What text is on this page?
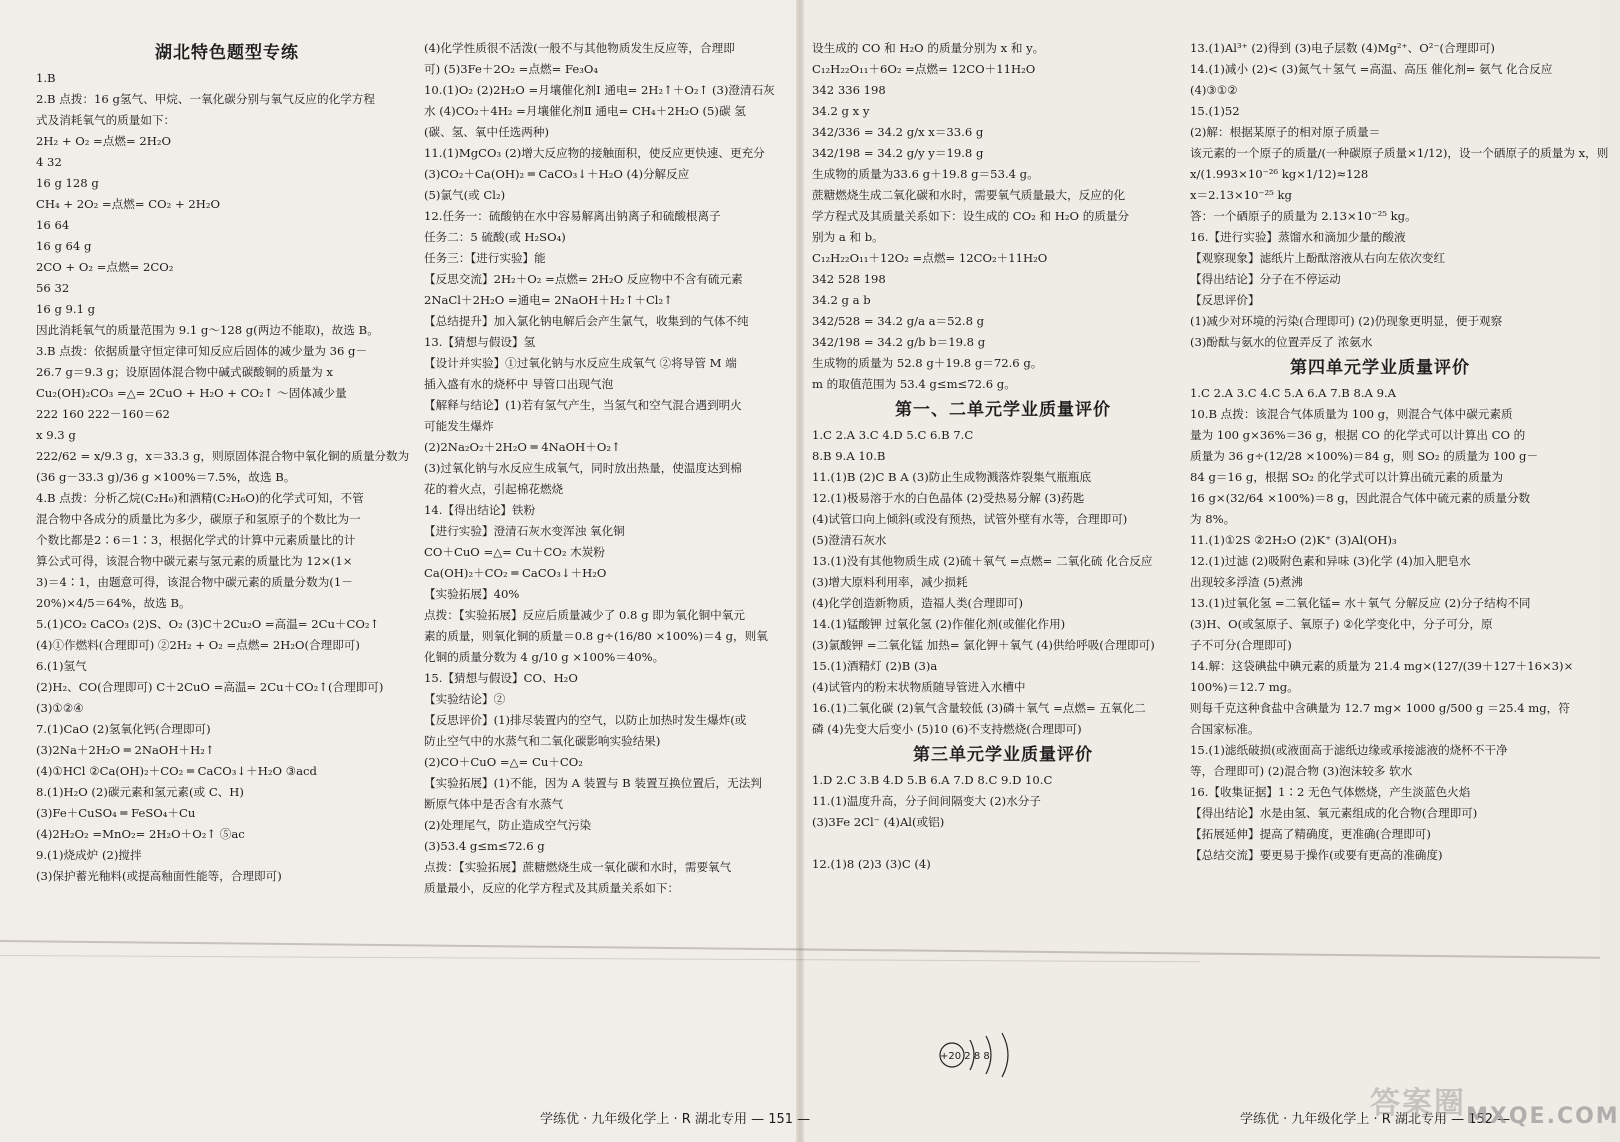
湖北特色题型专练
1.B
2.B 点拨：16 g氢气、甲烷、一氧化碳分别与氧气反应的化学方程
式及消耗氧气的质量如下：
2H₂ + O₂ =点燃= 2H₂O
4 32
16 g 128 g
CH₄ + 2O₂ =点燃= CO₂ + 2H₂O
16 64
16 g 64 g
2CO + O₂ =点燃= 2CO₂
56 32
16 g 9.1 g
因此消耗氧气的质量范围为 9.1 g～128 g(两边不能取)，故选 B。
3.B 点拨：依据质量守恒定律可知反应后固体的减少量为 36 g－
26.7 g＝9.3 g；设原固体混合物中碱式碳酸铜的质量为 x
Cu₂(OH)₂CO₃ =△= 2CuO + H₂O + CO₂↑ ～固体减少量
222 160 222－160＝62
x 9.3 g
222/62 = x/9.3 g，x＝33.3 g，则原固体混合物中氧化铜的质量分数为
(36 g－33.3 g)/36 g ×100%＝7.5%，故选 B。
4.B 点拨：分析乙烷(C₂H₆)和酒精(C₂H₆O)的化学式可知，不管
混合物中各成分的质量比为多少，碳原子和氢原子的个数比为一
个数比都是2∶6＝1∶3，根据化学式的计算中元素质量比的计
算公式可得，该混合物中碳元素与氢元素的质量比为 12×(1×
3)＝4∶1，由题意可得，该混合物中碳元素的质量分数为(1－
20%)×4/5＝64%，故选 B。
5.(1)CO₂ CaCO₃ (2)S、O₂ (3)C＋2Cu₂O =高温= 2Cu＋CO₂↑
(4)①作燃料(合理即可) ②2H₂ + O₂ =点燃= 2H₂O(合理即可)
6.(1)氢气
(2)H₂、CO(合理即可) C＋2CuO =高温= 2Cu＋CO₂↑(合理即可)
(3)①②④
7.(1)CaO (2)氢氧化钙(合理即可)
(3)2Na＋2H₂O ═ 2NaOH＋H₂↑
(4)①HCl ②Ca(OH)₂＋CO₂ ═ CaCO₃↓＋H₂O ③acd
8.(1)H₂O (2)碳元素和氢元素(或 C、H)
(3)Fe＋CuSO₄ ═ FeSO₄＋Cu
(4)2H₂O₂ =MnO₂= 2H₂O＋O₂↑ ⑤ac
9.(1)烧成炉 (2)搅拌
(3)保护蓄光釉料(或提高釉面性能等，合理即可)
(4)化学性质很不活泼(一般不与其他物质发生反应等，合理即
可) (5)3Fe＋2O₂ =点燃= Fe₃O₄
10.(1)O₂ (2)2H₂O =月壤催化剂Ⅰ 通电= 2H₂↑＋O₂↑ (3)澄清石灰
水 (4)CO₂＋4H₂ =月壤催化剂Ⅱ 通电= CH₄＋2H₂O (5)碳 氢
(碳、氢、氧中任选两种)
11.(1)MgCO₃ (2)增大反应物的接触面积，使反应更快速、更充分
(3)CO₂＋Ca(OH)₂ ═ CaCO₃↓＋H₂O (4)分解反应
(5)氯气(或 Cl₂)
12.任务一：硫酸钠在水中容易解离出钠离子和硫酸根离子
任务二：5 硫酸(或 H₂SO₄)
任务三：【进行实验】能
【反思交流】2H₂＋O₂ =点燃= 2H₂O 反应物中不含有硫元素
2NaCl＋2H₂O =通电= 2NaOH＋H₂↑＋Cl₂↑
【总结提升】加入氯化钠电解后会产生氯气，收集到的气体不纯
13.【猜想与假设】氢
【设计并实验】①过氧化钠与水反应生成氧气 ②将导管 M 端
插入盛有水的烧杯中 导管口出现气泡
【解释与结论】(1)若有氢气产生，当氢气和空气混合遇到明火
可能发生爆炸
(2)2Na₂O₂＋2H₂O ═ 4NaOH＋O₂↑
(3)过氧化钠与水反应生成氧气，同时放出热量，使温度达到棉
花的着火点，引起棉花燃烧
14.【得出结论】铁粉
【进行实验】澄清石灰水变浑浊 氧化铜
CO＋CuO =△= Cu＋CO₂ 木炭粉
Ca(OH)₂＋CO₂ ═ CaCO₃↓＋H₂O
【实验拓展】40%
点拨：【实验拓展】反应后质量减少了 0.8 g 即为氧化铜中氧元
素的质量，则氧化铜的质量＝0.8 g÷(16/80 ×100%)＝4 g，则氧
化铜的质量分数为 4 g/10 g ×100%＝40%。
15.【猜想与假设】CO、H₂O
【实验结论】②
【反思评价】(1)排尽装置内的空气，以防止加热时发生爆炸(或
防止空气中的水蒸气和二氧化碳影响实验结果)
(2)CO＋CuO =△= Cu＋CO₂
【实验拓展】(1)不能，因为 A 装置与 B 装置互换位置后，无法判
断原气体中是否含有水蒸气
(2)处理尾气，防止造成空气污染
(3)53.4 g≤m≤72.6 g
点拨：【实验拓展】蔗糖燃烧生成一氧化碳和水时，需要氧气
质量最小，反应的化学方程式及其质量关系如下：
设生成的 CO 和 H₂O 的质量分别为 x 和 y。
C₁₂H₂₂O₁₁＋6O₂ =点燃= 12CO＋11H₂O
342 336 198
34.2 g x y
342/336 = 34.2 g/x x＝33.6 g
342/198 = 34.2 g/y y＝19.8 g
生成物的质量为33.6 g＋19.8 g＝53.4 g。
蔗糖燃烧生成二氧化碳和水时，需要氧气质量最大，反应的化
学方程式及其质量关系如下：设生成的 CO₂ 和 H₂O 的质量分
别为 a 和 b。
C₁₂H₂₂O₁₁＋12O₂ =点燃= 12CO₂＋11H₂O
342 528 198
34.2 g a b
342/528 = 34.2 g/a a＝52.8 g
342/198 = 34.2 g/b b＝19.8 g
生成物的质量为 52.8 g＋19.8 g＝72.6 g。
m 的取值范围为 53.4 g≤m≤72.6 g。
第一、二单元学业质量评价
1.C 2.A 3.C 4.D 5.C 6.B 7.C
8.B 9.A 10.B
11.(1)B (2)C B A (3)防止生成物溅落炸裂集气瓶瓶底
12.(1)极易溶于水的白色晶体 (2)受热易分解 (3)药匙
(4)试管口向上倾斜(或没有预热，试管外壁有水等，合理即可)
(5)澄清石灰水
13.(1)没有其他物质生成 (2)硫＋氧气 =点燃= 二氧化硫 化合反应
(3)增大原料利用率，减少损耗
(4)化学创造新物质，造福人类(合理即可)
14.(1)锰酸钾 过氧化氢 (2)作催化剂(或催化作用)
(3)氯酸钾 =二氧化锰 加热= 氯化钾＋氧气 (4)供给呼吸(合理即可)
15.(1)酒精灯 (2)B (3)a
(4)试管内的粉末状物质随导管进入水槽中
16.(1)二氧化碳 (2)氧气含量较低 (3)磷＋氧气 =点燃= 五氧化二
磷 (4)先变大后变小 (5)10 (6)不支持燃烧(合理即可)
第三单元学业质量评价
1.D 2.C 3.B 4.D 5.B 6.A 7.D 8.C 9.D 10.C
11.(1)温度升高，分子间间隔变大 (2)水分子
(3)3Fe 2Cl⁻ (4)Al(或铝)
12.(1)8 (2)3 (3)C (4)
13.(1)Al³⁺ (2)得到 (3)电子层数 (4)Mg²⁺、O²⁻(合理即可)
14.(1)减小 (2)< (3)氮气＋氢气 =高温、高压 催化剂= 氨气 化合反应
(4)③①②
15.(1)52
(2)解：根据某原子的相对原子质量＝
该元素的一个原子的质量/(一种碳原子质量×1/12)，设一个硒原子的质量为 x，则
x/(1.993×10⁻²⁶ kg×1/12)≈128
x＝2.13×10⁻²⁵ kg
答：一个硒原子的质量为 2.13×10⁻²⁵ kg。
16.【进行实验】蒸馏水和滴加少量的酸液
【观察现象】滤纸片上酚酞溶液从右向左依次变红
【得出结论】分子在不停运动
【反思评价】
(1)减少对环境的污染(合理即可) (2)仍现象更明显，便于观察
(3)酚酞与氨水的位置弄反了 浓氨水
第四单元学业质量评价
1.C 2.A 3.C 4.C 5.A 6.A 7.B 8.A 9.A
10.B 点拨：该混合气体质量为 100 g，则混合气体中碳元素质
量为 100 g×36%＝36 g，根据 CO 的化学式可以计算出 CO 的
质量为 36 g÷(12/28 ×100%)＝84 g，则 SO₂ 的质量为 100 g－
84 g＝16 g，根据 SO₂ 的化学式可以计算出硫元素的质量为
16 g×(32/64 ×100%)＝8 g，因此混合气体中硫元素的质量分数
为 8%。
11.(1)①2S ②2H₂O (2)K⁺ (3)Al(OH)₃
12.(1)过滤 (2)吸附色素和异味 (3)化学 (4)加入肥皂水
出现较多浮渣 (5)煮沸
13.(1)过氧化氢 =二氧化锰= 水＋氧气 分解反应 (2)分子结构不同
(3)H、O(或氢原子、氧原子) ②化学变化中，分子可分，原
子不可分(合理即可)
14.解：这袋碘盐中碘元素的质量为 21.4 mg×(127/(39＋127＋16×3)×
100%)＝12.7 mg。
则每千克这种食盐中含碘量为 12.7 mg× 1000 g/500 g ＝25.4 mg，符
合国家标准。
15.(1)滤纸破损(或液面高于滤纸边缘或承接滤液的烧杯不干净
等，合理即可) (2)混合物 (3)泡沫较多 软水
16.【收集证据】1∶2 无色气体燃烧，产生淡蓝色火焰
【得出结论】水是由氢、氧元素组成的化合物(合理即可)
【拓展延伸】提高了精确度，更准确(合理即可)
【总结交流】要更易于操作(或要有更高的准确度)
+20 2 8 8
学练优 · 九年级化学上 · R 湖北专用 — 151 —	学练优 · 九年级化学上 · R 湖北专用 — 152 —
答案圈 MXQE.COM
